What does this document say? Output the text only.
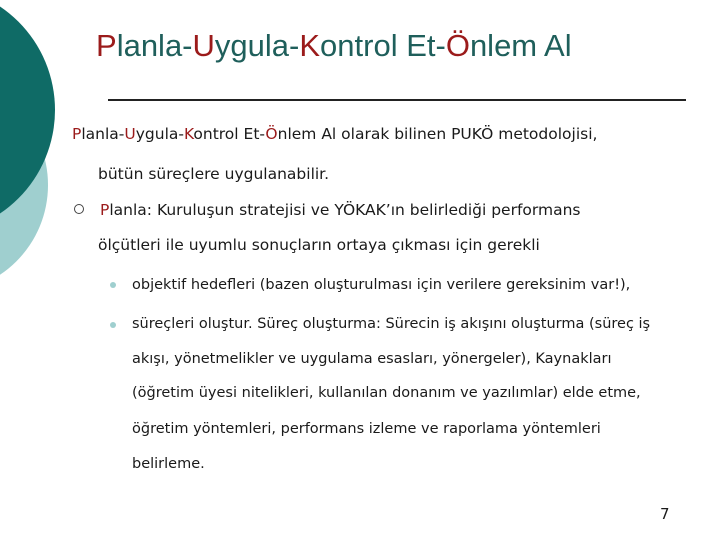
Planla-Uygula-Kontrol Et-Önlem Al

Planla-Uygula-Kontrol Et-Önlem Al olarak bilinen PUKÖ metodolojisi,

bütün süreçlere uygulanabilir.

Planla: Kuruluşun stratejisi ve YÖKAK’ın belirlediği performans

ölçütleri ile uyumlu sonuçların ortaya çıkması için gerekli

objektif hedefleri (bazen oluşturulması için verilere gereksinim var!),

süreçleri oluştur. Süreç oluşturma: Sürecin iş akışını oluşturma (süreç iş

akışı, yönetmelikler ve uygulama esasları, yönergeler), Kaynakları

(öğretim üyesi nitelikleri, kullanılan donanım ve yazılımlar) elde etme,

öğretim yöntemleri, performans izleme ve raporlama yöntemleri

belirleme.

7
